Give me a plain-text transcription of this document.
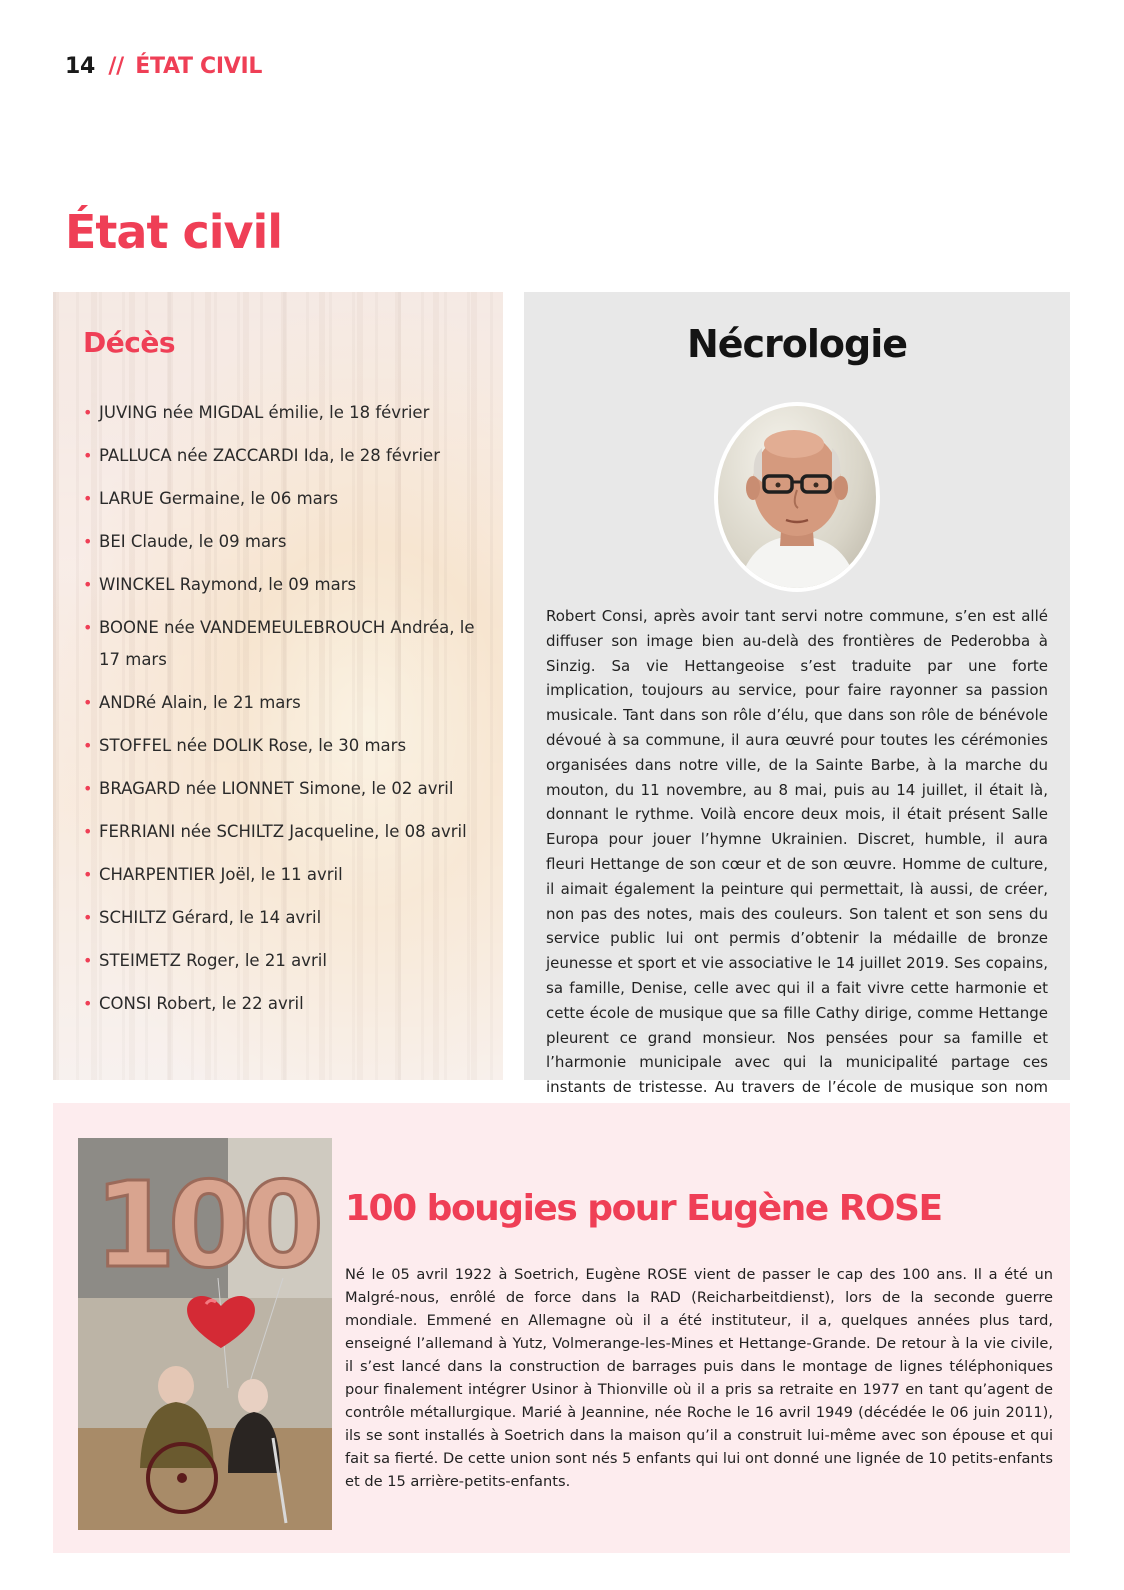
14 // ÉTAT CIVIL
État civil
Décès
• JUVING née MIGDAL émilie, le 18 février
• PALLUCA née ZACCARDI Ida, le 28 février
• LARUE Germaine, le 06 mars
• BEI Claude, le 09 mars
• WINCKEL Raymond, le 09 mars
• BOONE née VANDEMEULEBROUCH Andréa, le 17 mars
• ANDRé Alain, le 21 mars
• STOFFEL née DOLIK Rose, le 30 mars
• BRAGARD née LIONNET Simone, le 02 avril
• FERRIANI née SCHILTZ Jacqueline, le 08 avril
• CHARPENTIER Joël, le 11 avril
• SCHILTZ Gérard, le 14 avril
• STEIMETZ Roger, le 21 avril
• CONSI Robert, le 22 avril
Nécrologie

Robert Consi, après avoir tant servi notre commune, s’en est allé diffuser son image bien au-delà des frontières de Pederobba à Sinzig. Sa vie Hettangeoise s’est traduite par une forte implication, toujours au service, pour faire rayonner sa passion musicale. Tant dans son rôle d’élu, que dans son rôle de bénévole dévoué à sa commune, il aura œuvré pour toutes les cérémonies organisées dans notre ville, de la Sainte Barbe, à la marche du mouton, du 11 novembre, au 8 mai, puis au 14 juillet, il était là, donnant le rythme. Voilà encore deux mois, il était présent Salle Europa pour jouer l’hymne Ukrainien. Discret, humble, il aura fleuri Hettange de son cœur et de son œuvre. Homme de culture, il aimait également la peinture qui permettait, là aussi, de créer, non pas des notes, mais des couleurs. Son talent et son sens du service public lui ont permis d’obtenir la médaille de bronze jeunesse et sport et vie associative le 14 juillet 2019. Ses copains, sa famille, Denise, celle avec qui il a fait vivre cette harmonie et cette école de musique que sa fille Cathy dirige, comme Hettange pleurent ce grand monsieur. Nos pensées pour sa famille et l’harmonie municipale avec qui la municipalité partage ces instants de tristesse. Au travers de l’école de musique son nom

100 100 bougies pour Eugène ROSE

Né le 05 avril 1922 à Soetrich, Eugène ROSE vient de passer le cap des 100 ans. Il a été un Malgré-nous, enrôlé de force dans la RAD (Reicharbeitdienst), lors de la seconde guerre mondiale. Emmené en Allemagne où il a été instituteur, il a, quelques années plus tard, enseigné l’allemand à Yutz, Volmerange-les-Mines et Hettange-Grande. De retour à la vie civile, il s’est lancé dans la construction de barrages puis dans le montage de lignes téléphoniques pour finalement intégrer Usinor à Thionville où il a pris sa retraite en 1977 en tant qu’agent de contrôle métallurgique. Marié à Jeannine, née Roche le 16 avril 1949 (décédée le 06 juin 2011), ils se sont installés à Soetrich dans la maison qu’il a construit lui-même avec son épouse et qui fait sa fierté. De cette union sont nés 5 enfants qui lui ont donné une lignée de 10 petits-enfants et de 15 arrière-petits-enfants.
